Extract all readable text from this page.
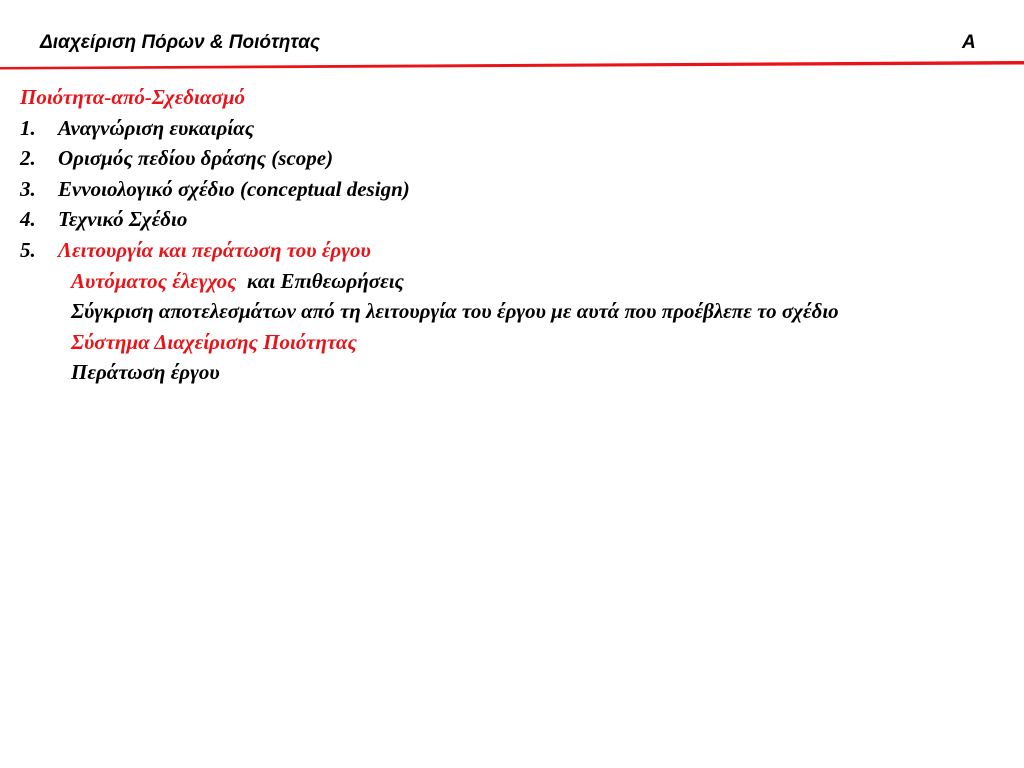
Διαχείριση Πόρων & Ποιότητας	A
Ποιότητα-από-Σχεδιασμό
1. Αναγνώριση ευκαιρίας
2. Ορισμός πεδίου δράσης (scope)
3. Εννοιολογικό σχέδιο (conceptual design)
4. Τεχνικό Σχέδιο
5. Λειτουργία και περάτωση του έργου
Αυτόματος έλεγχος και Επιθεωρήσεις
Σύγκριση αποτελεσμάτων από τη λειτουργία του έργου με αυτά που προέβλεπε το σχέδιο
Σύστημα Διαχείρισης Ποιότητας
Περάτωση έργου
